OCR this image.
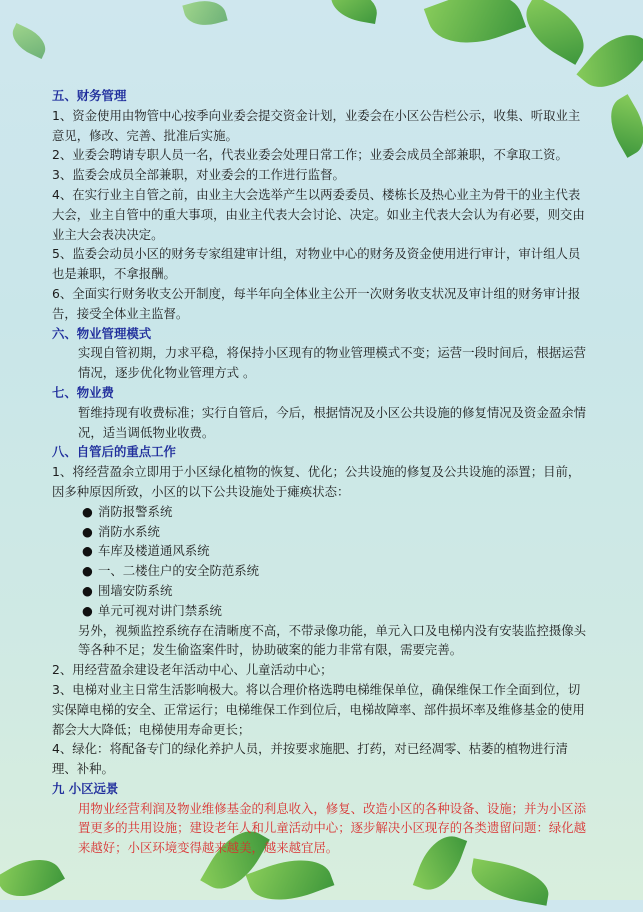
五、财务管理

1、资金使用由物管中心按季向业委会提交资金计划，业委会在小区公告栏公示，收集、听取业主意见，修改、完善、批准后实施。

2、业委会聘请专职人员一名，代表业委会处理日常工作；业委会成员全部兼职，不拿取工资。

3、监委会成员全部兼职，对业委会的工作进行监督。

4、在实行业主自管之前，由业主大会选举产生以两委委员、楼栋长及热心业主为骨干的业主代表大会，业主自管中的重大事项，由业主代表大会讨论、决定。如业主代表大会认为有必要，则交由业主大会表决决定。

5、监委会动员小区的财务专家组建审计组，对物业中心的财务及资金使用进行审计，审计组人员也是兼职，不拿报酬。

6、全面实行财务收支公开制度，每半年向全体业主公开一次财务收支状况及审计组的财务审计报告，接受全体业主监督。

六、物业管理模式

实现自管初期，力求平稳，将保持小区现有的物业管理模式不变；运营一段时间后，根据运营情况，逐步优化物业管理方式 。

七、物业费

暂维持现有收费标准；实行自管后，今后，根据情况及小区公共设施的修复情况及资金盈余情况，适当调低物业收费。

八、自管后的重点工作

1、将经营盈余立即用于小区绿化植物的恢复、优化；公共设施的修复及公共设施的添置；目前，因多种原因所致，小区的以下公共设施处于瘫痪状态：

● 消防报警系统
● 消防水系统
● 车库及楼道通风系统
● 一、二楼住户的安全防范系统
● 围墙安防系统
● 单元可视对讲门禁系统

另外，视频监控系统存在清晰度不高，不带录像功能，单元入口及电梯内没有安装监控摄像头等各种不足；发生偷盗案件时，协助破案的能力非常有限，需要完善。

2、用经营盈余建设老年活动中心、儿童活动中心；

3、电梯对业主日常生活影响极大。将以合理价格选聘电梯维保单位，确保维保工作全面到位，切实保障电梯的安全、正常运行；电梯维保工作到位后，电梯故障率、部件损坏率及维修基金的使用都会大大降低；电梯使用寿命更长；

4、绿化：将配备专门的绿化养护人员，并按要求施肥、打药，对已经凋零、枯萎的植物进行清理、补种。

九 小区远景

用物业经营利润及物业维修基金的利息收入，修复、改造小区的各种设备、设施；并为小区添置更多的共用设施；建设老年人和儿童活动中心；逐步解决小区现存的各类遗留问题：绿化越来越好；小区环境变得越来越美，越来越宜居。
